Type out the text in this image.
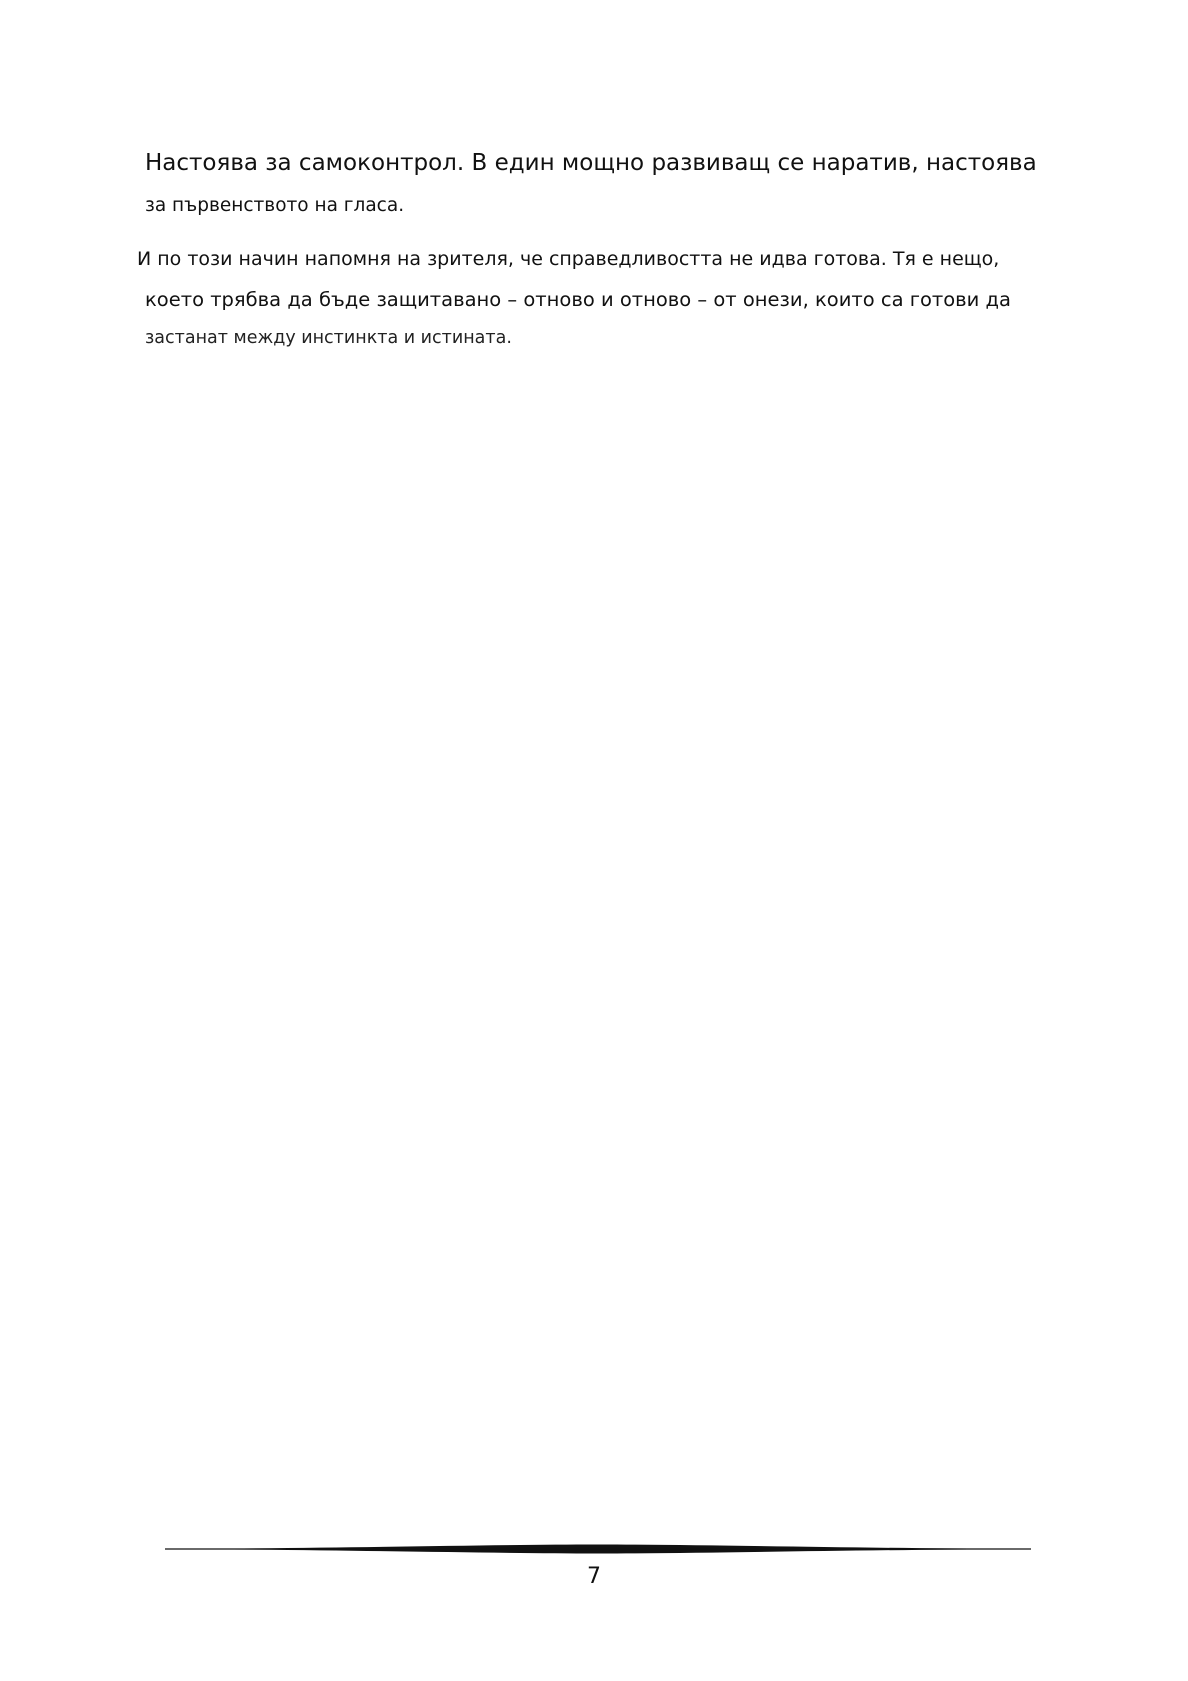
Настоява за самоконтрол. В един мощно развиващ се наратив, настоява
за първенството на гласа.
И по този начин напомня на зрителя, че справедливостта не идва готова. Тя е нещо,
което трябва да бъде защитавано – отново и отново – от онези, които са готови да
застанат между инстинкта и истината.
7
